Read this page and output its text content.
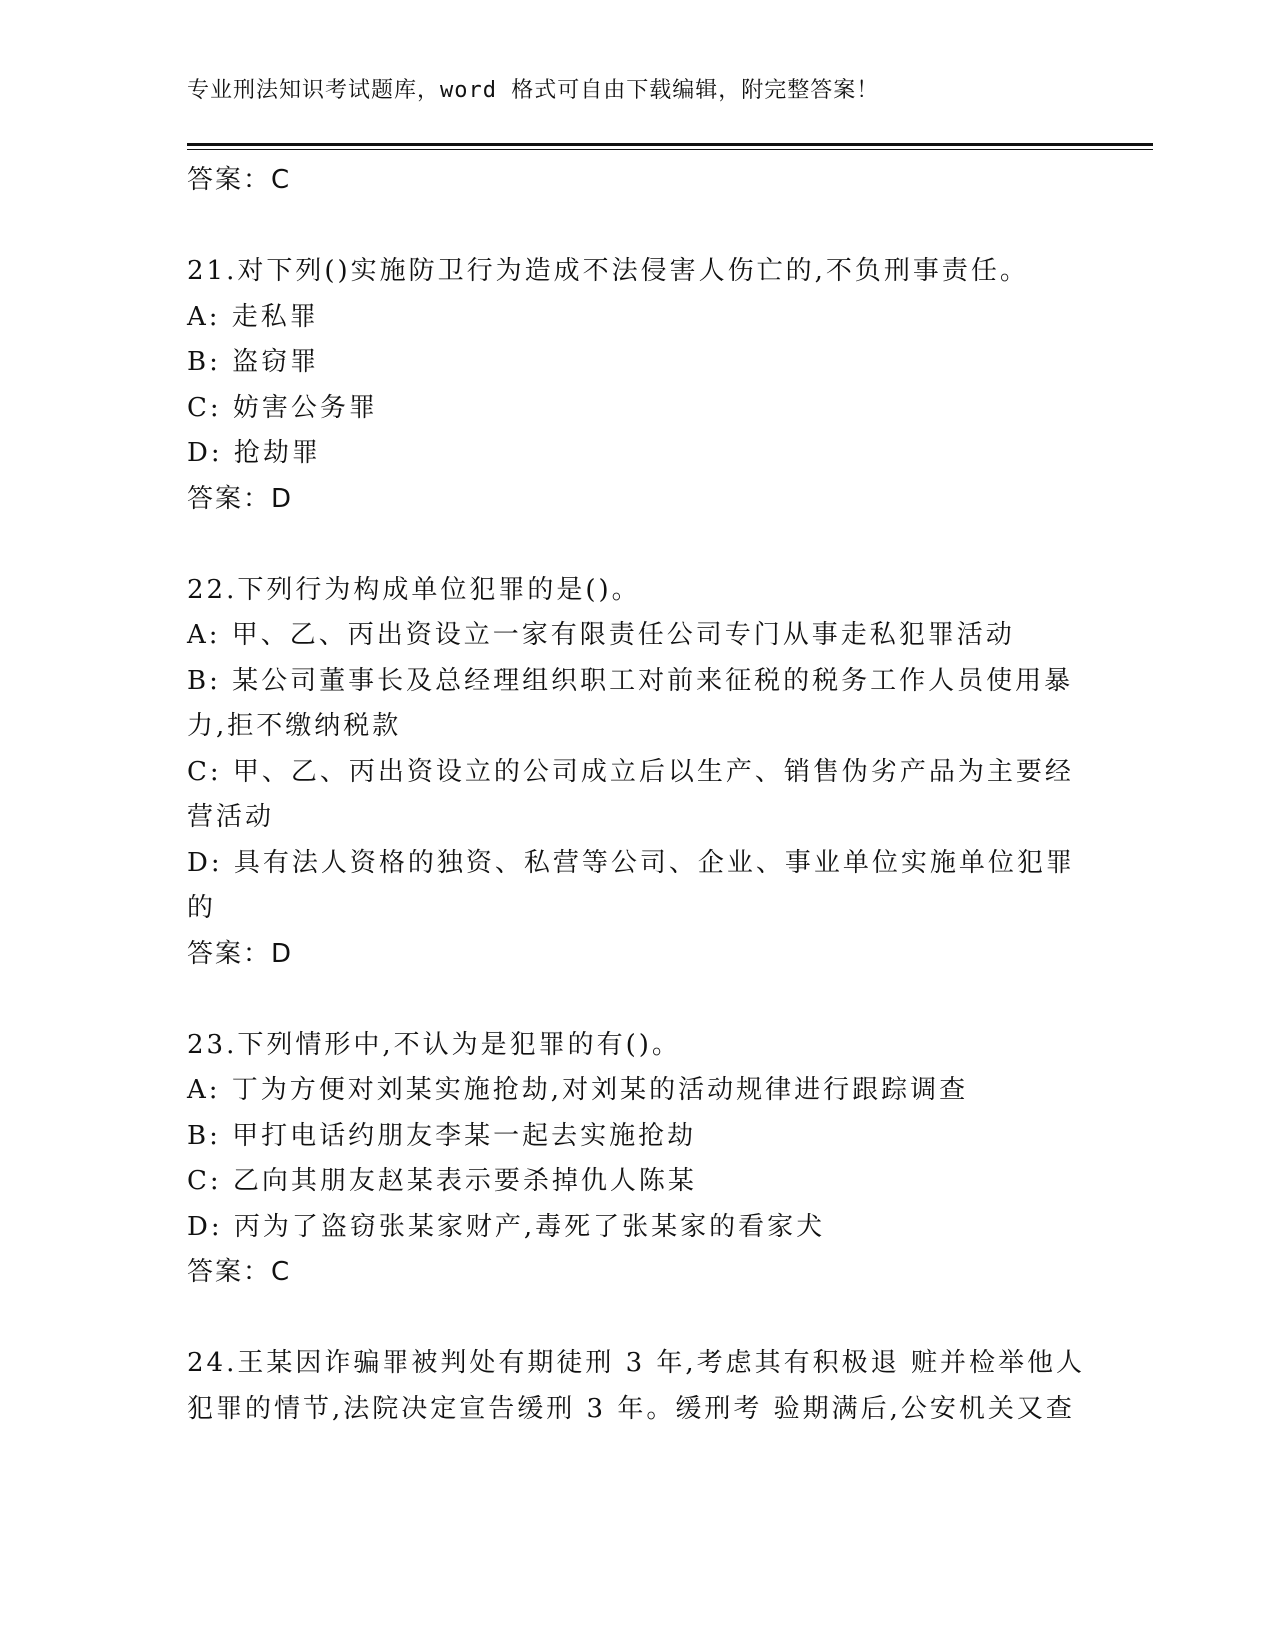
专业刑法知识考试题库，word 格式可自由下载编辑，附完整答案！
答案：C
21.对下列()实施防卫行为造成不法侵害人伤亡的,不负刑事责任。
A: 走私罪
B: 盗窃罪
C: 妨害公务罪
D: 抢劫罪
答案：D
22.下列行为构成单位犯罪的是()。
A: 甲、乙、丙出资设立一家有限责任公司专门从事走私犯罪活动
B: 某公司董事长及总经理组织职工对前来征税的税务工作人员使用暴
力,拒不缴纳税款
C: 甲、乙、丙出资设立的公司成立后以生产、销售伪劣产品为主要经
营活动
D: 具有法人资格的独资、私营等公司、企业、事业单位实施单位犯罪
的
答案：D
23.下列情形中,不认为是犯罪的有()。
A: 丁为方便对刘某实施抢劫,对刘某的活动规律进行跟踪调查
B: 甲打电话约朋友李某一起去实施抢劫
C: 乙向其朋友赵某表示要杀掉仇人陈某
D: 丙为了盗窃张某家财产,毒死了张某家的看家犬
答案：C
24.王某因诈骗罪被判处有期徒刑 3 年,考虑其有积极退 赃并检举他人
犯罪的情节,法院决定宣告缓刑 3 年。缓刑考 验期满后,公安机关又查
